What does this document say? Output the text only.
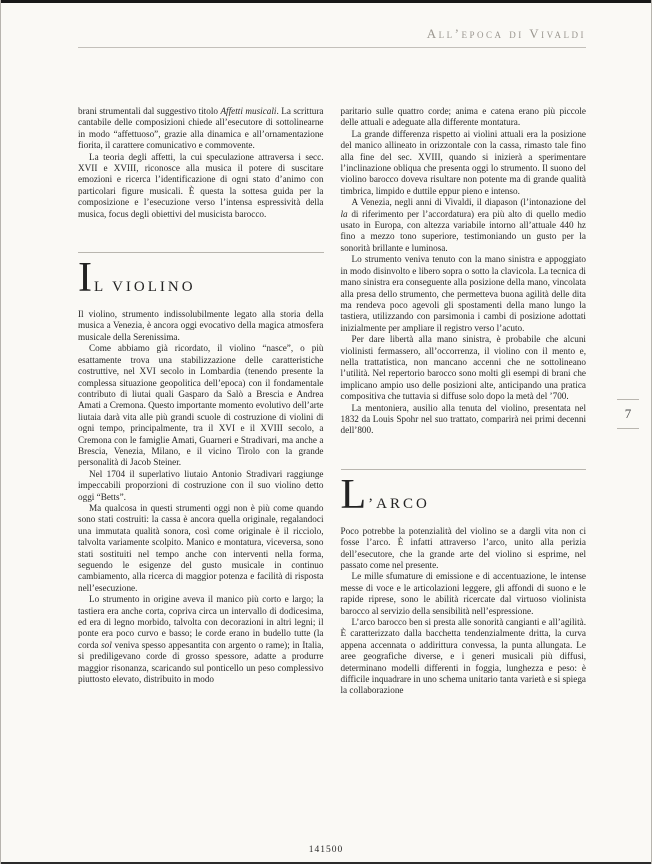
All’epoca di Vivaldi

brani strumentali dal suggestivo titolo Affetti musicali. La scrittura cantabile delle composizioni chiede all’esecutore di sottolinearne in modo “affettuoso”, grazie alla dinamica e all’ornamentazione fiorita, il carattere comunicativo e commovente.

La teoria degli affetti, la cui speculazione attraversa i secc. XVII e XVIII, riconosce alla musica il potere di suscitare emozioni e ricerca l’identificazione di ogni stato d’animo con particolari figure musicali. È questa la sottesa guida per la composizione e l’esecuzione verso l’intensa espressività della musica, focus degli obiettivi del musicista barocco.

I L VIOLINO

Il violino, strumento indissolubilmente legato alla storia della musica a Venezia, è ancora oggi evocativo della magica atmosfera musicale della Serenissima.

Come abbiamo già ricordato, il violino “nasce”, o più esattamente trova una stabilizzazione delle caratteristiche costruttive, nel XVI secolo in Lombardia (tenendo presente la complessa situazione geopolitica dell’epoca) con il fondamentale contributo di liutai quali Gasparo da Salò a Brescia e Andrea Amati a Cremona. Questo importante momento evolutivo dell’arte liutaia darà vita alle più grandi scuole di costruzione di violini di ogni tempo, principalmente, tra il XVI e il XVIII secolo, a Cremona con le famiglie Amati, Guarneri e Stradivari, ma anche a Brescia, Venezia, Milano, e il vicino Tirolo con la grande personalità di Jacob Steiner.

Nel 1704 il superlativo liutaio Antonio Stradivari raggiunge impeccabili proporzioni di costruzione con il suo violino detto oggi “Betts”.

Ma qualcosa in questi strumenti oggi non è più come quando sono stati costruiti: la cassa è ancora quella originale, regalandoci una immutata qualità sonora, così come originale è il ricciolo, talvolta variamente scolpito. Manico e montatura, viceversa, sono stati sostituiti nel tempo anche con interventi nella forma, seguendo le esigenze del gusto musicale in continuo cambiamento, alla ricerca di maggior potenza e facilità di risposta nell’esecuzione.

Lo strumento in origine aveva il manico più corto e largo; la tastiera era anche corta, copriva circa un intervallo di dodicesima, ed era di legno morbido, talvolta con decorazioni in altri legni; il ponte era poco curvo e basso; le corde erano in budello tutte (la corda sol veniva spesso appesantita con argento o rame); in Italia, si prediligevano corde di grosso spessore, adatte a produrre maggior risonanza, scaricando sul ponticello un peso complessivo piuttosto elevato, distribuito in modo

paritario sulle quattro corde; anima e catena erano più piccole delle attuali e adeguate alla differente montatura.

La grande differenza rispetto ai violini attuali era la posizione del manico allineato in orizzontale con la cassa, rimasto tale fino alla fine del sec. XVIII, quando si inizierà a sperimentare l’inclinazione obliqua che presenta oggi lo strumento. Il suono del violino barocco doveva risultare non potente ma di grande qualità timbrica, limpido e duttile eppur pieno e intenso.

A Venezia, negli anni di Vivaldi, il diapason (l’intonazione del la di riferimento per l’accordatura) era più alto di quello medio usato in Europa, con altezza variabile intorno all’attuale 440 hz fino a mezzo tono superiore, testimoniando un gusto per la sonorità brillante e luminosa.

Lo strumento veniva tenuto con la mano sinistra e appoggiato in modo disinvolto e libero sopra o sotto la clavicola. La tecnica di mano sinistra era conseguente alla posizione della mano, vincolata alla presa dello strumento, che permetteva buona agilità delle dita ma rendeva poco agevoli gli spostamenti della mano lungo la tastiera, utilizzando con parsimonia i cambi di posizione adottati inizialmente per ampliare il registro verso l’acuto.

Per dare libertà alla mano sinistra, è probabile che alcuni violinisti fermassero, all’occorrenza, il violino con il mento e, nella trattatistica, non mancano accenni che ne sottolineano l’utilità. Nel repertorio barocco sono molti gli esempi di brani che implicano ampio uso delle posizioni alte, anticipando una pratica compositiva che tuttavia si diffuse solo dopo la metà del ’700.

La mentoniera, ausilio alla tenuta del violino, presentata nel 1832 da Louis Spohr nel suo trattato, comparirà nei primi decenni dell’800.

L ’ARCO

Poco potrebbe la potenzialità del violino se a dargli vita non ci fosse l’arco. È infatti attraverso l’arco, unito alla perizia dell’esecutore, che la grande arte del violino si esprime, nel passato come nel presente.

Le mille sfumature di emissione e di accentuazione, le intense messe di voce e le articolazioni leggere, gli affondi di suono e le rapide riprese, sono le abilità ricercate dal virtuoso violinista barocco al servizio della sensibilità nell’espressione.

L’arco barocco ben si presta alle sonorità cangianti e all’agilità. È caratterizzato dalla bacchetta tendenzialmente dritta, la curva appena accennata o addirittura convessa, la punta allungata. Le aree geografiche diverse, e i generi musicali più diffusi, determinano modelli differenti in foggia, lunghezza e peso: è difficile inquadrare in uno schema unitario tanta varietà e si spiega la collaborazione

7
141500
